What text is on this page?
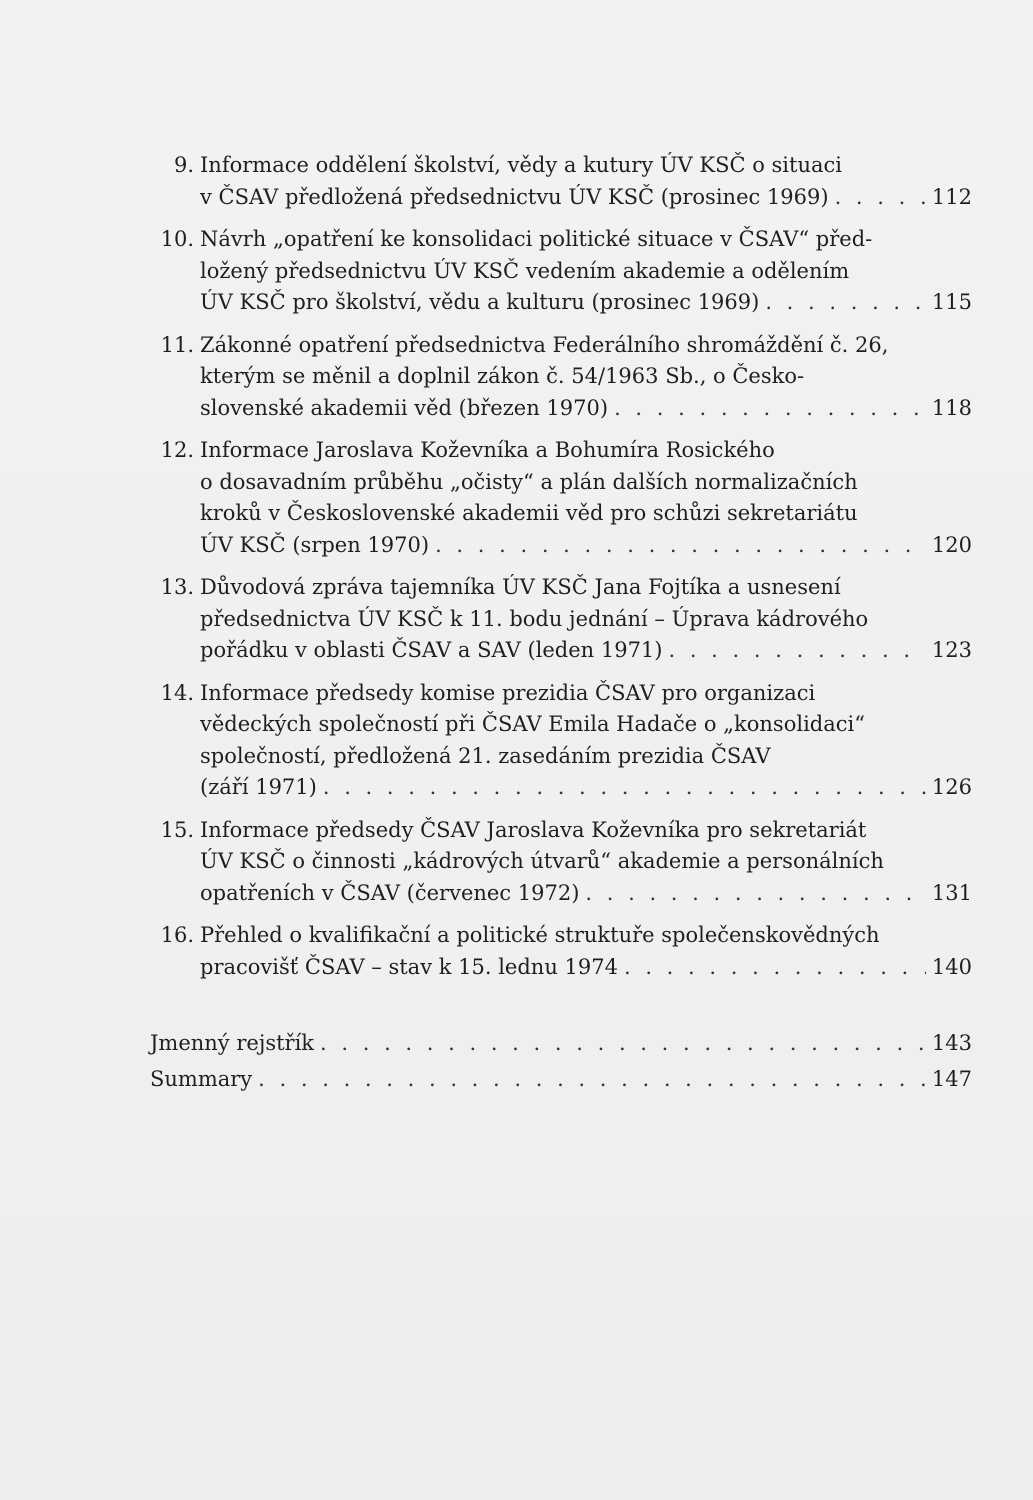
9. Informace oddělení školství, vědy a kutury ÚV KSČ o situaci
v ČSAV předložená předsednictvu ÚV KSČ (prosinec 1969) . . .	112
10. Návrh „opatření ke konsolidaci politické situace v ČSAV“ před-
ložený předsednictvu ÚV KSČ vedením akademie a odělením
ÚV KSČ pro školství, vědu a kulturu (prosinec 1969) . . .	115
11. Zákonné opatření předsednictva Federálního shromáždění č. 26,
kterým se měnil a doplnil zákon č. 54/1963 Sb., o Česko-
slovenské akademii věd (březen 1970) . . .	118
12. Informace Jaroslava Koževníka a Bohumíra Rosického
o dosavadním průběhu „očisty“ a plán dalších normalizačních
kroků v Československé akademii věd pro schůzi sekretariátu
ÚV KSČ (srpen 1970) . . .	120
13. Důvodová zpráva tajemníka ÚV KSČ Jana Fojtíka a usnesení
předsednictva ÚV KSČ k 11. bodu jednání – Úprava kádrového
pořádku v oblasti ČSAV a SAV (leden 1971) . . .	123
14. Informace předsedy komise prezidia ČSAV pro organizaci
vědeckých společností při ČSAV Emila Hadače o „konsolidaci“
společností, předložená 21. zasedáním prezidia ČSAV
(září 1971) . . .	126
15. Informace předsedy ČSAV Jaroslava Koževníka pro sekretariát
ÚV KSČ o činnosti „kádrových útvarů“ akademie a personálních
opatřeních v ČSAV (červenec 1972) . . .	131
16. Přehled o kvalifikační a politické struktuře společenskovědných
pracovišť ČSAV – stav k 15. lednu 1974 . . .	140
Jmenný rejstřík . . .	143
Summary . . .	147
